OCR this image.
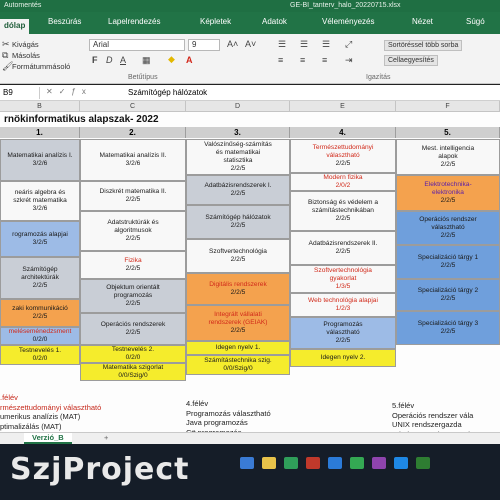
Automentés	GE-BI_tanterv_halo_20220715.xlsx
dólap	Beszúrás	Lapelrendezés	Képletek	Adatok	Véleményezés	Nézet	Súgó
✂ Kivágás
⧉ Másolás
🖌
Formátummásoló
Arial	9	A˄ A˅
F D A ▦ ◆ A
Betűtípus
☰ ☰ ☰ ⤢
≡ ≡ ≡ ⇥
Sortöréssel több sorba
Cellaegyesítés
Igazítás
B9	✕✓ƒx	Számítógép hálózatok
B	C	D	E	F
rnökinformatikus alapszak- 2022
1.	2.	3.	4.	5.
Matematikai analízis I.
3/2/6
neáris algebra és
szkrét matematika
3/2/6
rogramozás alapjai
3/2/5
Számítógép
architektúrák
2/2/5
zaki kommunikáció
2/2/5
meléseménedzsment
0/2/0
Testnevelés 1.
0/2/0
Matematikai analízis II.
3/2/6
Diszkrét matematika II.
2/2/5
Adatstruktúrák és
algoritmusok
2/2/5
Fizika
2/2/5
Objektum orientált
programozás
2/2/5
Operációs rendszerek
2/2/5
Testnevelés 2.
0/2/0
Matematika szigorlat
0/0/Szig/0
Valószínűség-számítás
és matematikai
statisztika
2/2/5
Adatbázisrendszerek I.
2/2/5
Számítógép hálózatok
2/2/5
Szoftvertechnológia
2/2/5
Digitális rendszerek
2/2/5
Integrált vállalati
rendszerek (GEIAK)
2/2/5
Idegen nyelv 1.
Számítástechnika szig.
0/0/Szig/0
Természettudományi
választható
2/2/5
Modern fizika
2/0/2
Biztonság és védelem a
számítástechnikában
2/2/5
Adatbázisrendszerek II.
2/2/5
Szoftvertechnológia
gyakorlat
1/3/5
Web technológia alapjai
1/2/3
Programozás
választható
2/2/5
Idegen nyelv 2.
Mest. intelligencia
alapok
2/2/5
Elektrotechnika-
elektronika
2/2/5
Operációs rendszer
választható
2/2/5
Specializáció tárgy 1
2/2/5
Specializáció tárgy 2
2/2/5
Specializáció tárgy 3
2/2/5
.félév
rmészettudományi választható
umerikus analízis (MAT)
ptimalizálás (MAT)
4.félév
Programozás választható
Java programozás
5.félév
Operációs rendszer vála
UNIX rendszergazda
Verzió_B	+
SzjProject
